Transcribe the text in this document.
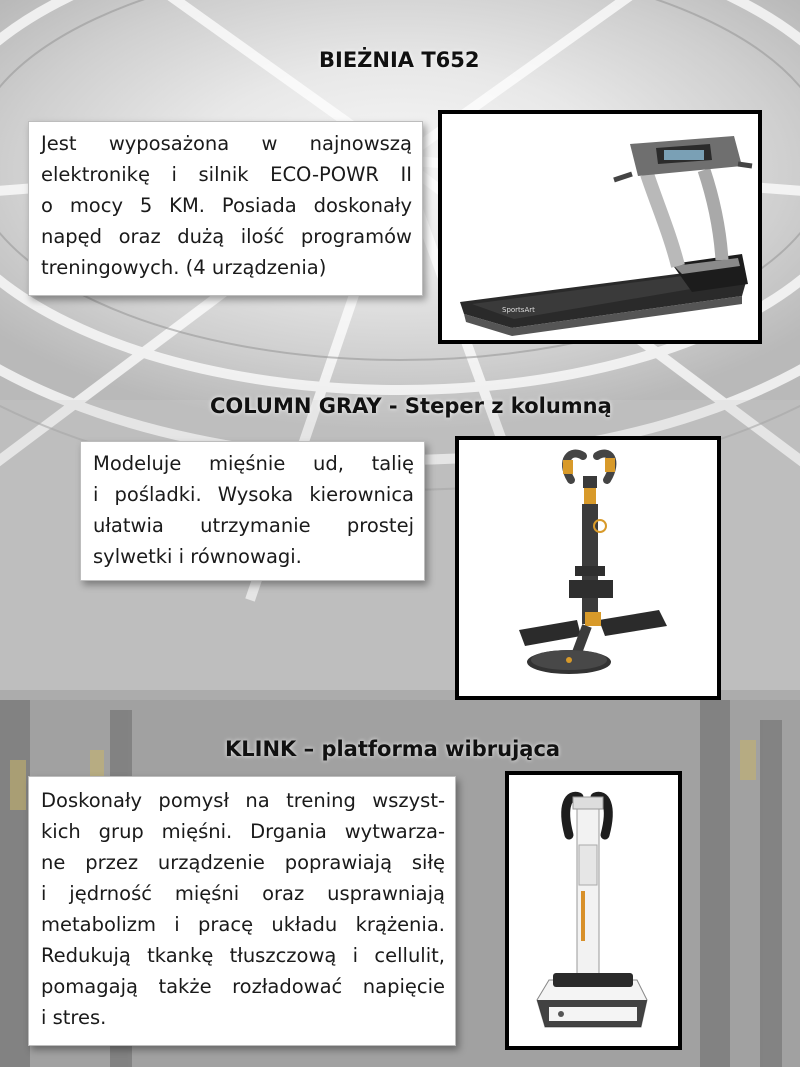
BIEŻNIA T652
Jest wyposażona w najnowszą
elektronikę i silnik ECO-POWR II
o mocy 5 KM. Posiada doskonały
napęd oraz dużą ilość programów
treningowych. (4 urządzenia)
SportsArt
COLUMN GRAY - Steper z kolumną
Modeluje mięśnie ud, talię
i pośladki. Wysoka kierownica
ułatwia utrzymanie prostej
sylwetki i równowagi.
KLINK – platforma wibrująca
Doskonały pomysł na trening wszyst-
kich grup mięśni. Drgania wytwarza-
ne przez urządzenie poprawiają siłę
i jędrność mięśni oraz usprawniają
metabolizm i pracę układu krążenia.
Redukują tkankę tłuszczową i cellulit,
pomagają także rozładować napięcie
i stres.
